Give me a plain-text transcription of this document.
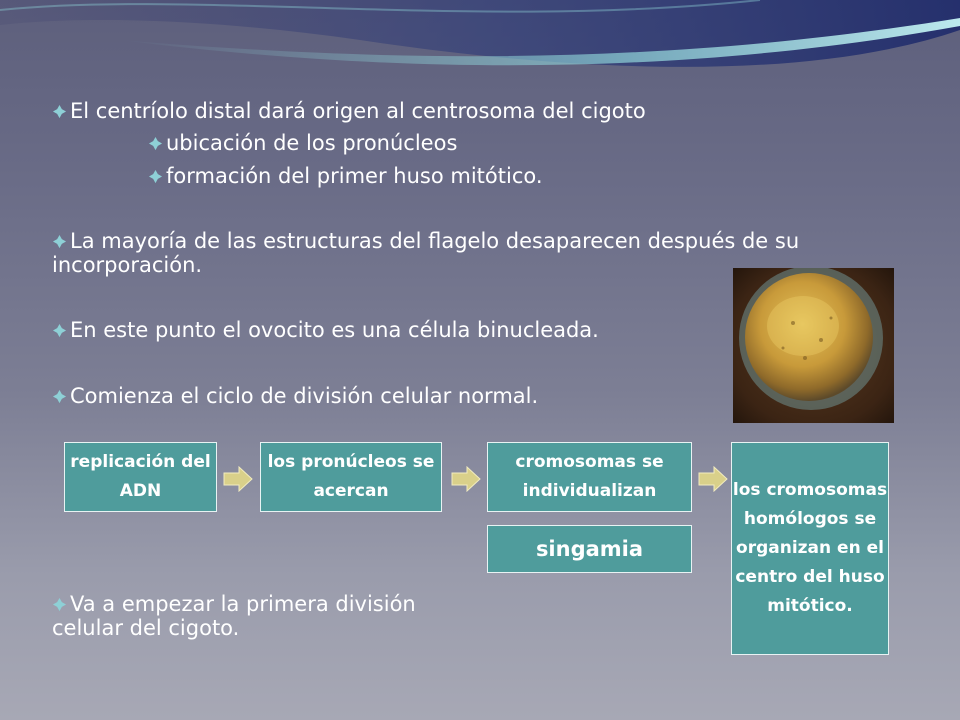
El centríolo distal dará origen al centrosoma del cigoto
ubicación de los pronúcleos
formación del primer huso mitótico.
La mayoría de las estructuras del flagelo desaparecen después de su
incorporación.
En este punto el ovocito es una célula binucleada.
Comienza el ciclo de división celular normal.
Va a empezar la primera división
celular del cigoto.
replicación del ADN
los pronúcleos se acercan
cromosomas se individualizan	los cromosomas homólogos se organizan en el centro del huso mitótico.
singamia
